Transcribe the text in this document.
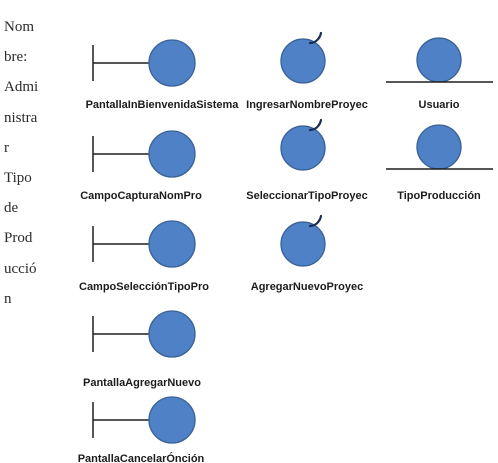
Nom
bre:
Admi
nistra
r
Tipo
de
Prod
ucció
n
PantallaInBienvenidaSistema
CampoCapturaNomPro
CampoSelecciónTipoPro
PantallaAgregarNuevo
PantallaCancelarÓnción
IngresarNombreProyec
SeleccionarTipoProyec
AgregarNuevoProyec
Usuario
TipoProducción
